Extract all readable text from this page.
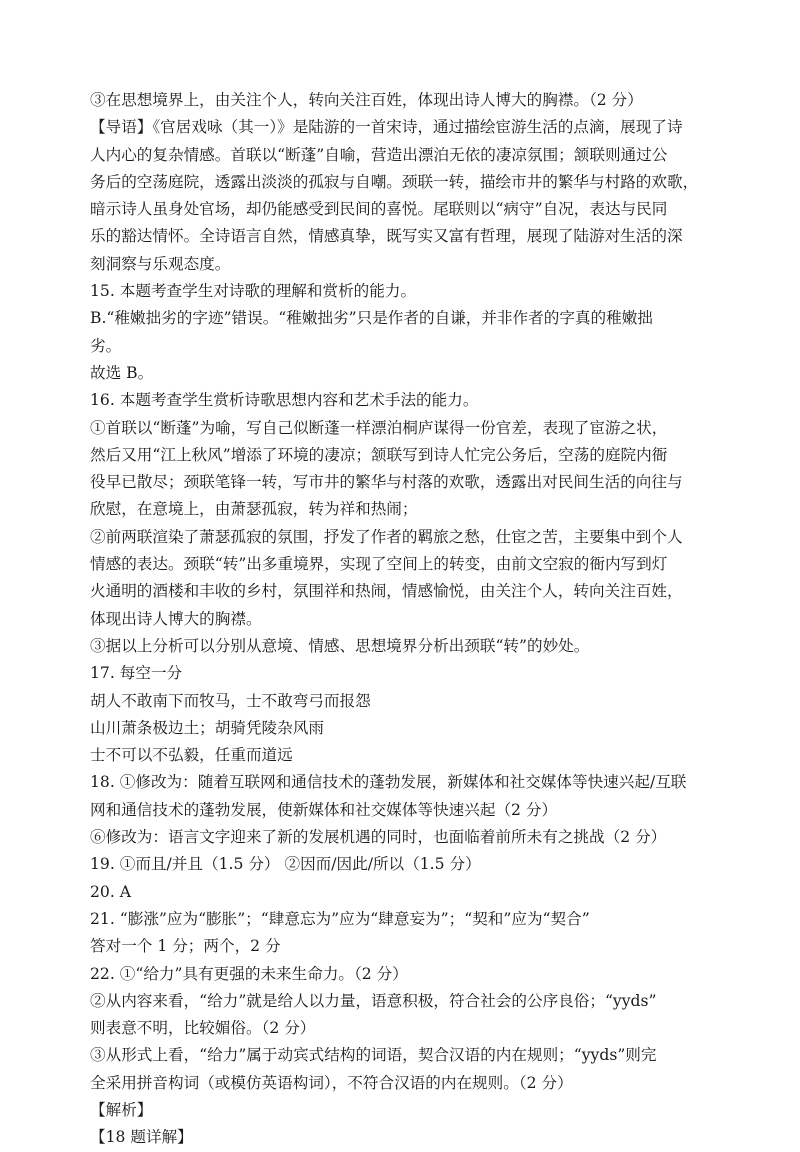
③在思想境界上，由关注个人，转向关注百姓，体现出诗人博大的胸襟。（2 分）
【导语】《官居戏咏（其一）》是陆游的一首宋诗，通过描绘宦游生活的点滴，展现了诗
人内心的复杂情感。首联以“断蓬”自喻，营造出漂泊无依的凄凉氛围；颔联则通过公
务后的空荡庭院，透露出淡淡的孤寂与自嘲。颈联一转，描绘市井的繁华与村路的欢歌，
暗示诗人虽身处官场，却仍能感受到民间的喜悦。尾联则以“病守”自况，表达与民同
乐的豁达情怀。全诗语言自然，情感真挚，既写实又富有哲理，展现了陆游对生活的深
刻洞察与乐观态度。
15. 本题考查学生对诗歌的理解和赏析的能力。
B.“稚嫩拙劣的字迹”错误。“稚嫩拙劣”只是作者的自谦，并非作者的字真的稚嫩拙
劣。
故选 B。
16. 本题考查学生赏析诗歌思想内容和艺术手法的能力。
①首联以“断蓬”为喻，写自己似断蓬一样漂泊桐庐谋得一份官差，表现了宦游之状，
然后又用“江上秋风”增添了环境的凄凉；颔联写到诗人忙完公务后，空荡的庭院内衙
役早已散尽；颈联笔锋一转，写市井的繁华与村落的欢歌，透露出对民间生活的向往与
欣慰，在意境上，由萧瑟孤寂，转为祥和热闹；
②前两联渲染了萧瑟孤寂的氛围，抒发了作者的羁旅之愁，仕宦之苦，主要集中到个人
情感的表达。颈联“转”出多重境界，实现了空间上的转变，由前文空寂的衙内写到灯
火通明的酒楼和丰收的乡村，氛围祥和热闹，情感愉悦，由关注个人，转向关注百姓，
体现出诗人博大的胸襟。
③据以上分析可以分别从意境、情感、思想境界分析出颈联“转”的妙处。
17. 每空一分
胡人不敢南下而牧马，士不敢弯弓而报怨
山川萧条极边土；胡骑凭陵杂风雨
士不可以不弘毅，任重而道远
18. ①修改为：随着互联网和通信技术的蓬勃发展，新媒体和社交媒体等快速兴起/互联
网和通信技术的蓬勃发展，使新媒体和社交媒体等快速兴起（2 分）
⑥修改为：语言文字迎来了新的发展机遇的同时，也面临着前所未有之挑战（2 分）
19. ①而且/并且（1.5 分） ②因而/因此/所以（1.5 分）
20. A
21. “膨涨”应为“膨胀”；“肆意忘为”应为“肆意妄为”；“契和”应为“契合”
答对一个 1 分；两个，2 分
22. ①“给力”具有更强的未来生命力。（2 分）
②从内容来看，“给力”就是给人以力量，语意积极，符合社会的公序良俗；“yyds”
则表意不明，比较媚俗。（2 分）
③从形式上看，“给力”属于动宾式结构的词语，契合汉语的内在规则；“yyds”则完
全采用拼音构词（或模仿英语构词），不符合汉语的内在规则。（2 分）
【解析】
【18 题详解】
